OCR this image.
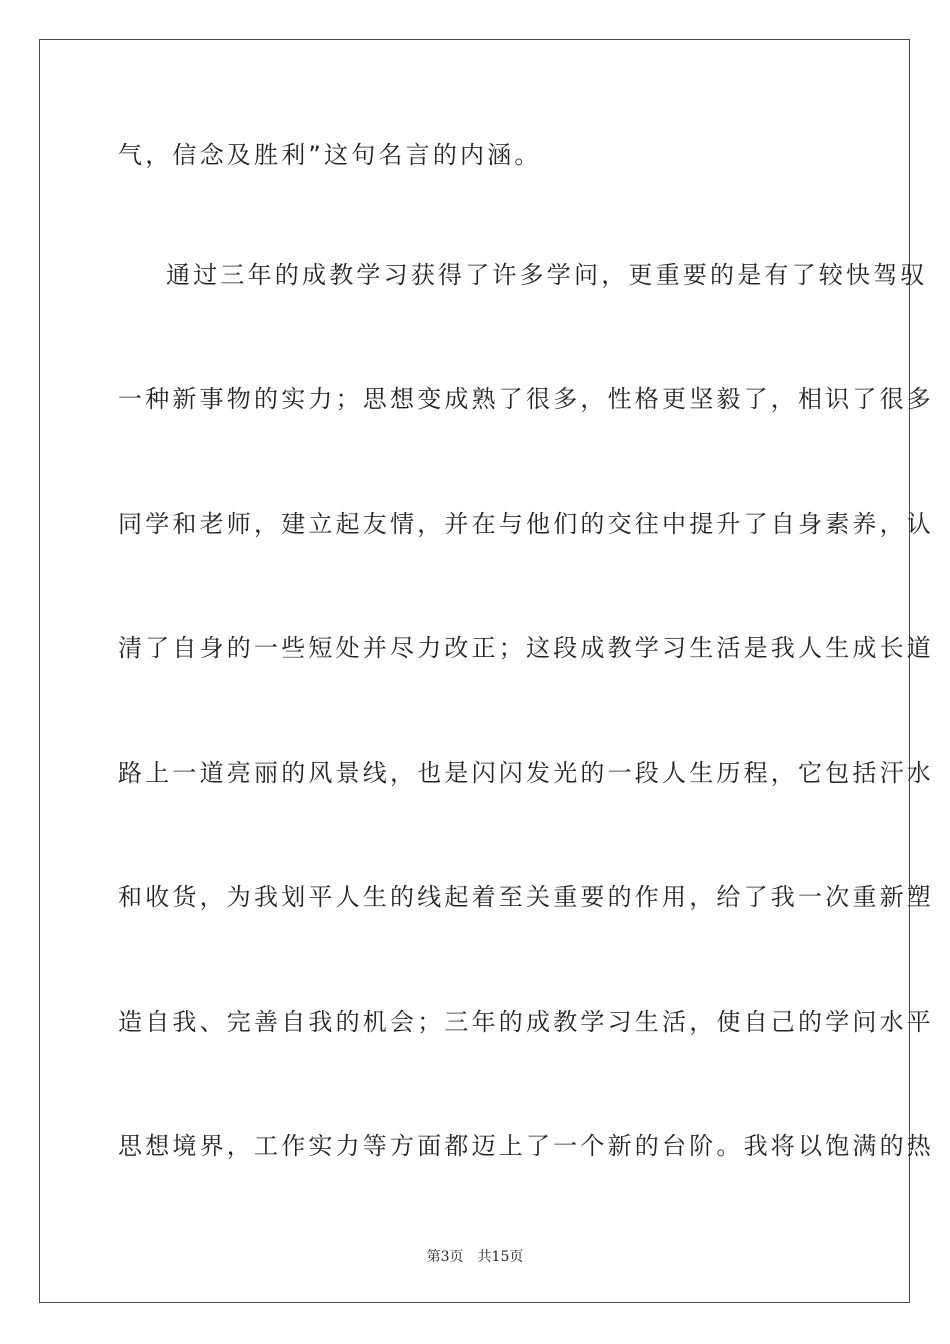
气，信念及胜利”这句名言的内涵。
通过三年的成教学习获得了许多学问，更重要的是有了较快驾驭
一种新事物的实力；思想变成熟了很多，性格更坚毅了，相识了很多
同学和老师，建立起友情，并在与他们的交往中提升了自身素养，认
清了自身的一些短处并尽力改正；这段成教学习生活是我人生成长道
路上一道亮丽的风景线，也是闪闪发光的一段人生历程，它包括汗水
和收货，为我划平人生的线起着至关重要的作用，给了我一次重新塑
造自我、完善自我的机会；三年的成教学习生活，使自己的学问水平
思想境界，工作实力等方面都迈上了一个新的台阶。我将以饱满的热
第3页 共15页
